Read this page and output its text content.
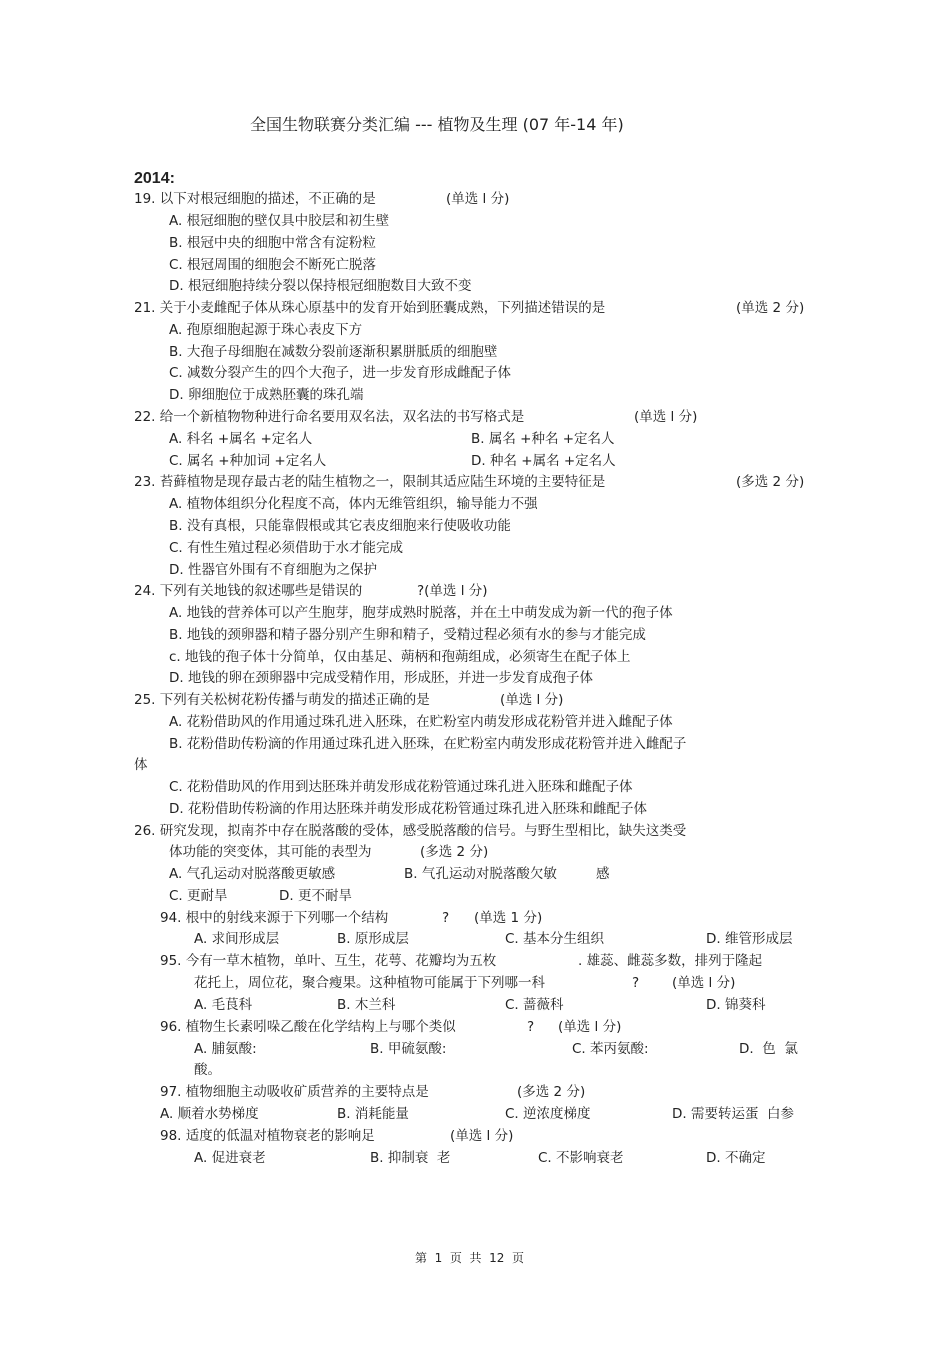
全国生物联赛分类汇编 --- 植物及生理 (07 年-14 年)
2014:
19. 以下对根冠细胞的描述，不正确的是	(单选 l 分)
A. 根冠细胞的壁仅具中胶层和初生壁
B. 根冠中央的细胞中常含有淀粉粒
C. 根冠周围的细胞会不断死亡脱落
D. 根冠细胞持续分裂以保持根冠细胞数目大致不变
21. 关于小麦雌配子体从珠心原基中的发育开始到胚囊成熟，下列描述错误的是	(单选 2 分)
A. 孢原细胞起源于珠心表皮下方
B. 大孢子母细胞在减数分裂前逐渐积累胼胝质的细胞壁
C. 减数分裂产生的四个大孢子，进一步发育形成雌配子体
D. 卵细胞位于成熟胚囊的珠孔端
22. 给一个新植物物种进行命名要用双名法，双名法的书写格式是	(单选 l 分)
A. 科名 +属名 +定名人	B. 属名 +种名 +定名人
C. 属名 +种加词 +定名人	D. 种名 +属名 +定名人
23. 苔藓植物是现存最古老的陆生植物之一，限制其适应陆生环境的主要特征是	(多选 2 分)
A. 植物体组织分化程度不高，体内无维管组织，输导能力不强
B. 没有真根，只能靠假根或其它表皮细胞来行使吸收功能
C. 有性生殖过程必须借助于水才能完成
D. 性器官外围有不育细胞为之保护
24. 下列有关地钱的叙述哪些是错误的	?(单选 l 分)
A. 地钱的营养体可以产生胞芽，胞芽成熟时脱落，并在土中萌发成为新一代的孢子体
B. 地钱的颈卵器和精子器分别产生卵和精子，受精过程必须有水的参与才能完成
c. 地钱的孢子体十分简单，仅由基足、蒴柄和孢蒴组成，必须寄生在配子体上
D. 地钱的卵在颈卵器中完成受精作用，形成胚，并进一步发育成孢子体
25. 下列有关松树花粉传播与萌发的描述正确的是	(单选 l 分)
A. 花粉借助风的作用通过珠孔进入胚珠，在贮粉室内萌发形成花粉管并进入雌配子体
B. 花粉借助传粉滴的作用通过珠孔进入胚珠，在贮粉室内萌发形成花粉管并进入雌配子
体
C. 花粉借助风的作用到达胚珠并萌发形成花粉管通过珠孔进入胚珠和雌配子体
D. 花粉借助传粉滴的作用达胚珠并萌发形成花粉管通过珠孔进入胚珠和雌配子体
26. 研究发现，拟南芥中存在脱落酸的受体，感受脱落酸的信号。与野生型相比，缺失这类受
体功能的突变体，其可能的表型为	(多选 2 分)
A. 气孔运动对脱落酸更敏感	B. 气孔运动对脱落酸欠敏	感
C. 更耐旱	D. 更不耐旱
94. 根中的射线来源于下列哪一个结构	? (单选 1 分)
A. 求间形成层	B. 原形成层	C. 基本分生组织	D. 维管形成层
95. 今有一草木植物，单叶、互生，花萼、花瓣均为五枚	. 雄蕊、雌蕊多数，排列于隆起
花托上，周位花，聚合瘦果。这种植物可能属于下列哪一科	? (单选 l 分)
A. 毛茛科	B. 木兰科	C. 蔷薇科	D. 锦葵科
96. 植物生长素吲哚乙酸在化学结构上与哪个类似	? (单选 l 分)
A. 脯氨酸:	B. 甲硫氨酸:	C. 苯丙氨酸:	D.  色  氯
酸。
97. 植物细胞主动吸收矿质营养的主要特点是	(多选 2 分)
A. 顺着水势梯度	B. 消耗能量	C. 逆浓度梯度	D. 需要转运蛋  白参
98. 适度的低温对植物衰老的影响足	(单选 l 分)
A. 促进衰老	B. 抑制衰  老	C. 不影响衰老	D. 不确定
第  1  页  共  12  页
